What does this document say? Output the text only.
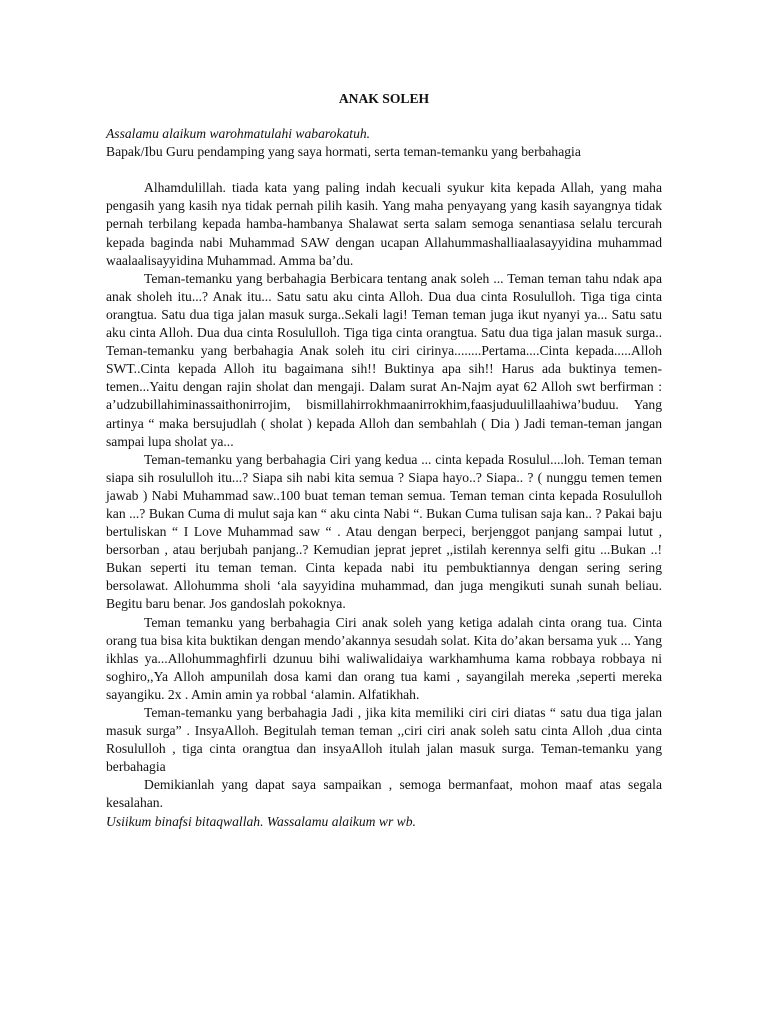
ANAK SOLEH

Assalamu alaikum warohmatulahi wabarokatuh.

Bapak/Ibu Guru pendamping yang saya hormati, serta teman-temanku yang berbahagia

Alhamdulillah. tiada kata yang paling indah kecuali syukur kita kepada Allah, yang maha pengasih yang kasih nya tidak pernah pilih kasih. Yang maha penyayang yang kasih sayangnya tidak pernah terbilang kepada hamba-hambanya Shalawat serta salam semoga senantiasa selalu tercurah kepada baginda nabi Muhammad SAW dengan ucapan Allahummashalliaalasayyidina muhammad waalaalisayyidina Muhammad. Amma ba’du.

Teman-temanku yang berbahagia Berbicara tentang anak soleh ... Teman teman tahu ndak apa anak sholeh itu...? Anak itu... Satu satu aku cinta Alloh. Dua dua cinta Rosululloh. Tiga tiga cinta orangtua. Satu dua tiga jalan masuk surga..Sekali lagi! Teman teman juga ikut nyanyi ya... Satu satu aku cinta Alloh. Dua dua cinta Rosululloh. Tiga tiga cinta orangtua. Satu dua tiga jalan masuk surga.. Teman-temanku yang berbahagia Anak soleh itu ciri cirinya........Pertama....Cinta kepada.....Alloh SWT..Cinta kepada Alloh itu bagaimana sih!! Buktinya apa sih!! Harus ada buktinya temen-temen...Yaitu dengan rajin sholat dan mengaji. Dalam surat An-Najm ayat 62 Alloh swt berfirman : a’udzubillahiminassaithonirrojim, bismillahirrokhmaanirrokhim,faasjuduulillaahiwa’buduu. Yang artinya “ maka bersujudlah ( sholat ) kepada Alloh dan sembahlah ( Dia ) Jadi teman-teman jangan sampai lupa sholat ya...

Teman-temanku yang berbahagia Ciri yang kedua ... cinta kepada Rosulul....loh. Teman teman siapa sih rosululloh itu...? Siapa sih nabi kita semua ? Siapa hayo..? Siapa.. ? ( nunggu temen temen jawab ) Nabi Muhammad saw..100 buat teman teman semua. Teman teman cinta kepada Rosululloh kan ...? Bukan Cuma di mulut saja kan “ aku cinta Nabi “. Bukan Cuma tulisan saja kan.. ? Pakai baju bertuliskan “ I Love Muhammad saw “ . Atau dengan berpeci, berjenggot panjang sampai lutut , bersorban , atau berjubah panjang..? Kemudian jeprat jepret ,,istilah kerennya selfi gitu ...Bukan ..! Bukan seperti itu teman teman. Cinta kepada nabi itu pembuktiannya dengan sering sering bersolawat. Allohumma sholi ‘ala sayyidina muhammad, dan juga mengikuti sunah sunah beliau. Begitu baru benar. Jos gandoslah pokoknya.

Teman temanku yang berbahagia Ciri anak soleh yang ketiga adalah cinta orang tua. Cinta orang tua bisa kita buktikan dengan mendo’akannya sesudah solat. Kita do’akan bersama yuk ... Yang ikhlas ya...Allohummaghfirli dzunuu bihi waliwalidaiya warkhamhuma kama robbaya robbaya ni soghiro,,Ya Alloh ampunilah dosa kami dan orang tua kami , sayangilah mereka ,seperti mereka sayangiku. 2x . Amin amin ya robbal ‘alamin. Alfatikhah.

Teman-temanku yang berbahagia Jadi , jika kita memiliki ciri ciri diatas “ satu dua tiga jalan masuk surga” . InsyaAlloh. Begitulah teman teman ,,ciri ciri anak soleh satu cinta Alloh ,dua cinta Rosululloh , tiga cinta orangtua dan insyaAlloh itulah jalan masuk surga. Teman-temanku yang berbahagia

Demikianlah yang dapat saya sampaikan , semoga bermanfaat, mohon maaf atas segala kesalahan.

Usiikum binafsi bitaqwallah. Wassalamu alaikum wr wb.
